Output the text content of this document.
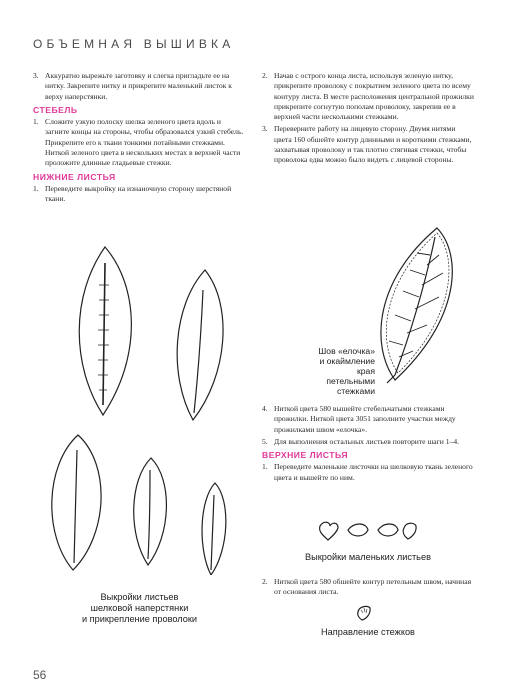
ОБЪЕМНАЯ ВЫШИВКА
3. Аккуратно вырежьте заготовку и слегка пригладьте ее на нитку. Закрепите нитку и прикрепите маленький листок к верху наперстянки.
СТЕБЕЛЬ
1. Сложите узкую полоску шелка зеленого цвета вдоль и загните концы на стороны, чтобы образовался узкий стебель. Прикрепите его к ткани тонкими потайными стежками. Ниткой зеленого цвета в нескольких местах в верхней части проложите длинные гладьевые стежки.
НИЖНИЕ ЛИСТЬЯ
1. Переведите выкройку на изнаночную сторону шерстяной ткани.
Выкройки листьев
шелковой наперстянки
и прикрепление проволоки
2. Начав с острого конца листа, используя зеленую нитку, прикрепите проволоку с покрытием зеленого цвета по всему контуру листа. В месте расположения центральной прожилки прикрепите согнутую пополам проволоку, закрепив ее в верхней части несколькими стежками.
3. Переверните работу на лицевую сторону. Двумя нитями цвета 160 обшейте контур длинными и короткими стежками, захватывая проволоку и так плотно стягивая стежки, чтобы проволока едва можно было видеть с лицевой стороны.
Шов «елочка»
и окаймление края
петельными
стежками
4. Ниткой цвета 580 вышейте стебельчатыми стежками прожилки. Ниткой цвета 3051 заполните участки между прожилками швом «елочка».
5. Для выполнения остальных листьев повторите шаги 1–4.
ВЕРХНИЕ ЛИСТЬЯ
1. Переведите маленькие листочки на шелковую ткань зеленого цвета и вышейте по ним.
Выкройки маленьких листьев
2. Ниткой цвета 580 обшейте контур петельным швом, начиная от основания листа.
Направление стежков
56
